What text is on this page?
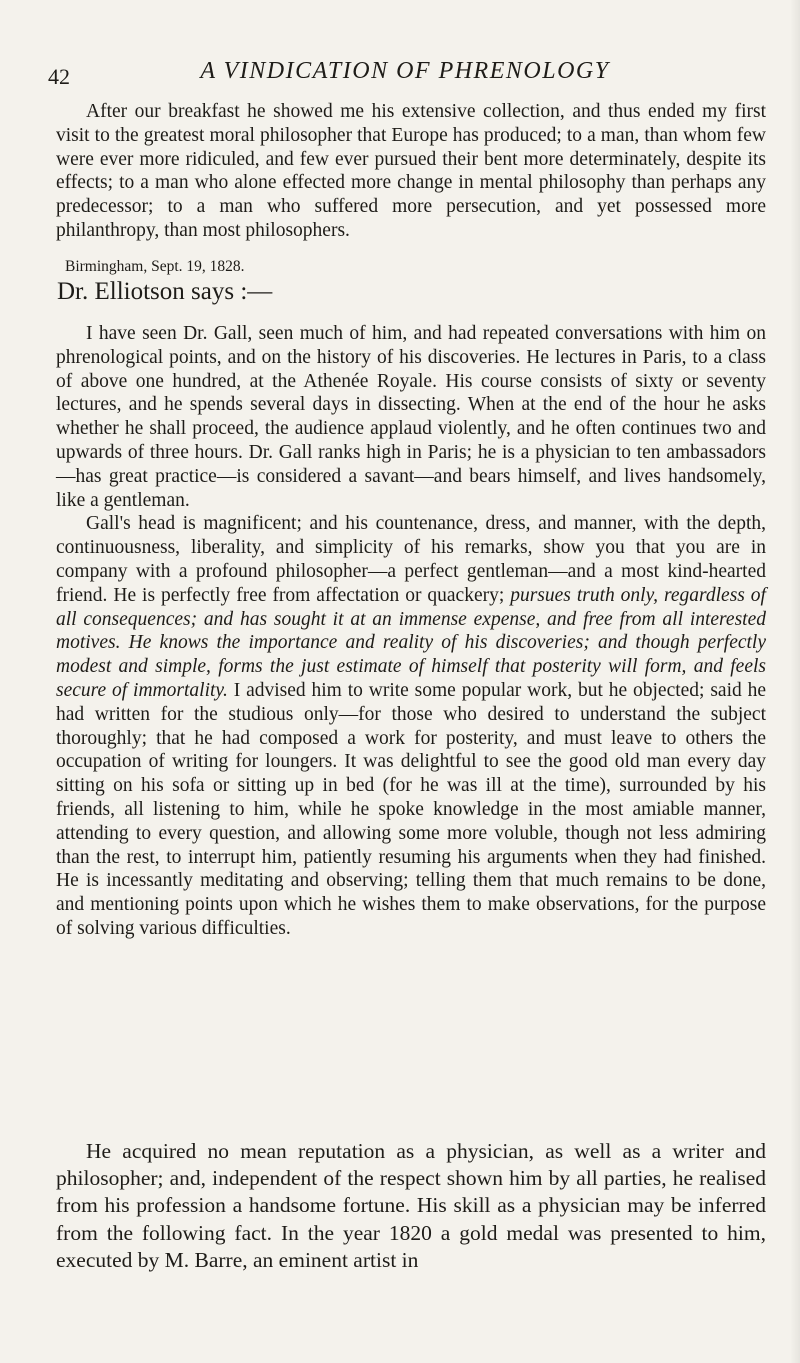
42	A VINDICATION OF PHRENOLOGY

After our breakfast he showed me his extensive collection, and thus ended my first visit to the greatest moral philosopher that Europe has produced; to a man, than whom few were ever more ridiculed, and few ever pursued their bent more determinately, despite its effects; to a man who alone effected more change in mental philosophy than perhaps any predecessor; to a man who suffered more persecution, and yet possessed more philanthropy, than most philosophers.

Birmingham, Sept. 19, 1828.
Dr. Elliotson says :—

I have seen Dr. Gall, seen much of him, and had repeated conversations with him on phrenological points, and on the history of his discoveries. He lectures in Paris, to a class of above one hundred, at the Athenée Royale. His course consists of sixty or seventy lectures, and he spends several days in dissecting. When at the end of the hour he asks whether he shall proceed, the audience applaud violently, and he often continues two and upwards of three hours. Dr. Gall ranks high in Paris; he is a physician to ten ambassadors—has great practice—is considered a savant—and bears himself, and lives handsomely, like a gentleman.

Gall's head is magnificent; and his countenance, dress, and manner, with the depth, continuousness, liberality, and simplicity of his remarks, show you that you are in company with a profound philosopher—a perfect gentleman—and a most kind-hearted friend. He is perfectly free from affectation or quackery; pursues truth only, regardless of all consequences; and has sought it at an immense expense, and free from all interested motives. He knows the importance and reality of his discoveries; and though perfectly modest and simple, forms the just estimate of himself that posterity will form, and feels secure of immortality. I advised him to write some popular work, but he objected; said he had written for the studious only—for those who desired to understand the subject thoroughly; that he had composed a work for posterity, and must leave to others the occupation of writing for loungers. It was delightful to see the good old man every day sitting on his sofa or sitting up in bed (for he was ill at the time), surrounded by his friends, all listening to him, while he spoke knowledge in the most amiable manner, attending to every question, and allowing some more voluble, though not less admiring than the rest, to interrupt him, patiently resuming his arguments when they had finished. He is incessantly meditating and observing; telling them that much remains to be done, and mentioning points upon which he wishes them to make observations, for the purpose of solving various difficulties.

He acquired no mean reputation as a physician, as well as a writer and philosopher; and, independent of the respect shown him by all parties, he realised from his profession a handsome fortune. His skill as a physician may be inferred from the following fact. In the year 1820 a gold medal was presented to him, executed by M. Barre, an eminent artist in
